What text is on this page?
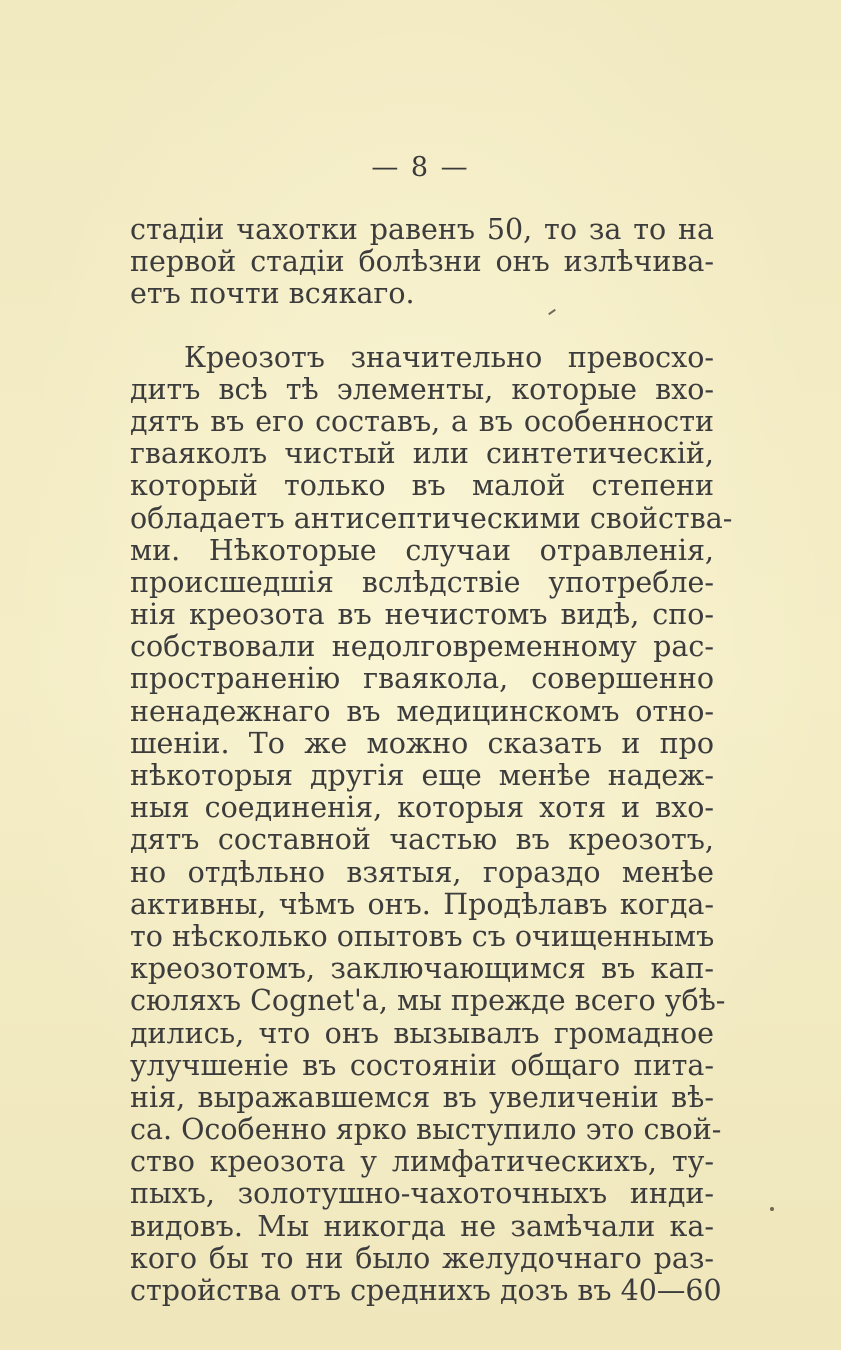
— 8 —
стадіи чахотки равенъ 50, то за то на
первой стадіи болѣзни онъ излѣчива-
етъ почти всякаго.
Креозотъ значительно превосхо-
дитъ всѣ тѣ элементы, которые вхо-
дятъ въ его составъ, а въ особенности
гваяколъ чистый или синтетическій,
который только въ малой степени
обладаетъ антисептическими свойства-
ми. Нѣкоторые случаи отравленія,
происшедшія вслѣдствіе употребле-
нія креозота въ нечистомъ видѣ, спо-
собствовали недолговременному рас-
пространенію гваякола, совершенно
ненадежнаго въ медицинскомъ отно-
шеніи. То же можно сказать и про
нѣкоторыя другія еще менѣе надеж-
ныя соединенія, которыя хотя и вхо-
дятъ составной частью въ креозотъ,
но отдѣльно взятыя, гораздо менѣе
активны, чѣмъ онъ. Продѣлавъ когда-
то нѣсколько опытовъ съ очищеннымъ
креозотомъ, заключающимся въ кап-
сюляхъ Cognet'а, мы прежде всего убѣ-
дились, что онъ вызывалъ громадное
улучшеніе въ состояніи общаго пита-
нія, выражавшемся въ увеличеніи вѣ-
са. Особенно ярко выступило это свой-
ство креозота у лимфатическихъ, ту-
пыхъ, золотушно-чахоточныхъ инди-
видовъ. Мы никогда не замѣчали ка-
кого бы то ни было желудочнаго раз-
стройства отъ среднихъ дозъ въ 40—60
